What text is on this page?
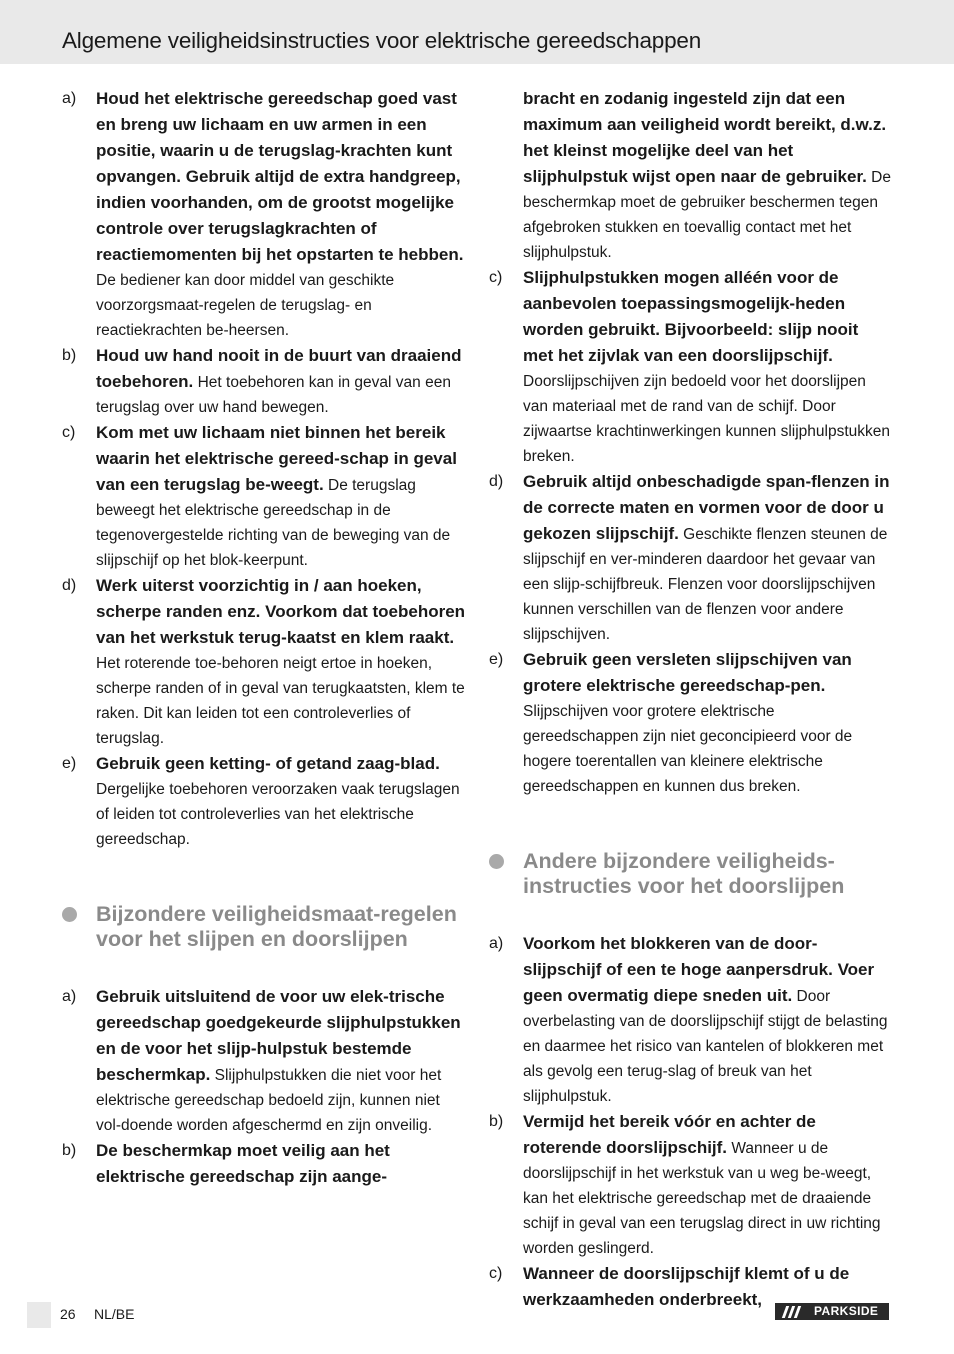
Algemene veiligheidsinstructies voor elektrische gereedschappen
a)	Houd het elektrische gereedschap goed vast en breng uw lichaam en uw armen in een positie, waarin u de terugslag-krachten kunt opvangen. Gebruik altijd de extra handgreep, indien voorhanden, om de grootst mogelijke controle over terugslagkrachten of reactiemomenten bij het opstarten te hebben. De bediener kan door middel van geschikte voorzorgsmaat-regelen de terugslag- en reactiekrachten be-heersen.
b)	Houd uw hand nooit in de buurt van draaiend toebehoren. Het toebehoren kan in geval van een terugslag over uw hand bewegen.
c)	Kom met uw lichaam niet binnen het bereik waarin het elektrische gereed-schap in geval van een terugslag be-weegt. De terugslag beweegt het elektrische gereedschap in de tegenovergestelde richting van de beweging van de slijpschijf op het blok-keerpunt.
d)	Werk uiterst voorzichtig in / aan hoeken, scherpe randen enz. Voorkom dat toebehoren van het werkstuk terug-kaatst en klem raakt. Het roterende toe-behoren neigt ertoe in hoeken, scherpe randen of in geval van terugkaatsten, klem te raken. Dit kan leiden tot een controleverlies of terugslag.
e)	Gebruik geen ketting- of getand zaag-blad. Dergelijke toebehoren veroorzaken vaak terugslagen of leiden tot controleverlies van het elektrische gereedschap.
Bijzondere veiligheidsmaat-regelen voor het slijpen en doorslijpen
a)	Gebruik uitsluitend de voor uw elek-trische gereedschap goedgekeurde slijphulpstukken en de voor het slijp-hulpstuk bestemde beschermkap. Slijphulpstukken die niet voor het elektrische gereedschap bedoeld zijn, kunnen niet vol-doende worden afgeschermd en zijn onveilig.
b)	De beschermkap moet veilig aan het elektrische gereedschap zijn aange-
bracht en zodanig ingesteld zijn dat een maximum aan veiligheid wordt bereikt, d.w.z. het kleinst mogelijke deel van het slijphulpstuk wijst open naar de gebruiker. De beschermkap moet de gebruiker beschermen tegen afgebroken stukken en toevallig contact met het slijphulpstuk.
c)	Slijphulpstukken mogen alléén voor de aanbevolen toepassingsmogelijk-heden worden gebruikt. Bijvoorbeeld: slijp nooit met het zijvlak van een doorslijpschijf. Doorslijpschijven zijn bedoeld voor het doorslijpen van materiaal met de rand van de schijf. Door zijwaartse krachtinwerkingen kunnen slijphulpstukken breken.
d)	Gebruik altijd onbeschadigde span-flenzen in de correcte maten en vormen voor de door u gekozen slijpschijf. Geschikte flenzen steunen de slijpschijf en ver-minderen daardoor het gevaar van een slijp-schijfbreuk. Flenzen voor doorslijpschijven kunnen verschillen van de flenzen voor andere slijpschijven.
e)	Gebruik geen versleten slijpschijven van grotere elektrische gereedschap-pen. Slijpschijven voor grotere elektrische gereedschappen zijn niet geconcipieerd voor de hogere toerentallen van kleinere elektrische gereedschappen en kunnen dus breken.
Andere bijzondere veiligheids-instructies voor het doorslijpen
a)	Voorkom het blokkeren van de door-slijpschijf of een te hoge aanpersdruk. Voer geen overmatig diepe sneden uit. Door overbelasting van de doorslijpschijf stijgt de belasting en daarmee het risico van kantelen of blokkeren met als gevolg een terug-slag of breuk van het slijphulpstuk.
b)	Vermijd het bereik vóór en achter de roterende doorslijpschijf. Wanneer u de doorslijpschijf in het werkstuk van u weg be-weegt, kan het elektrische gereedschap met de draaiende schijf in geval van een terugslag direct in uw richting worden geslingerd.
c)	Wanneer de doorslijpschijf klemt of u de werkzaamheden onderbreekt,
26 NL/BE	PARKSIDE
